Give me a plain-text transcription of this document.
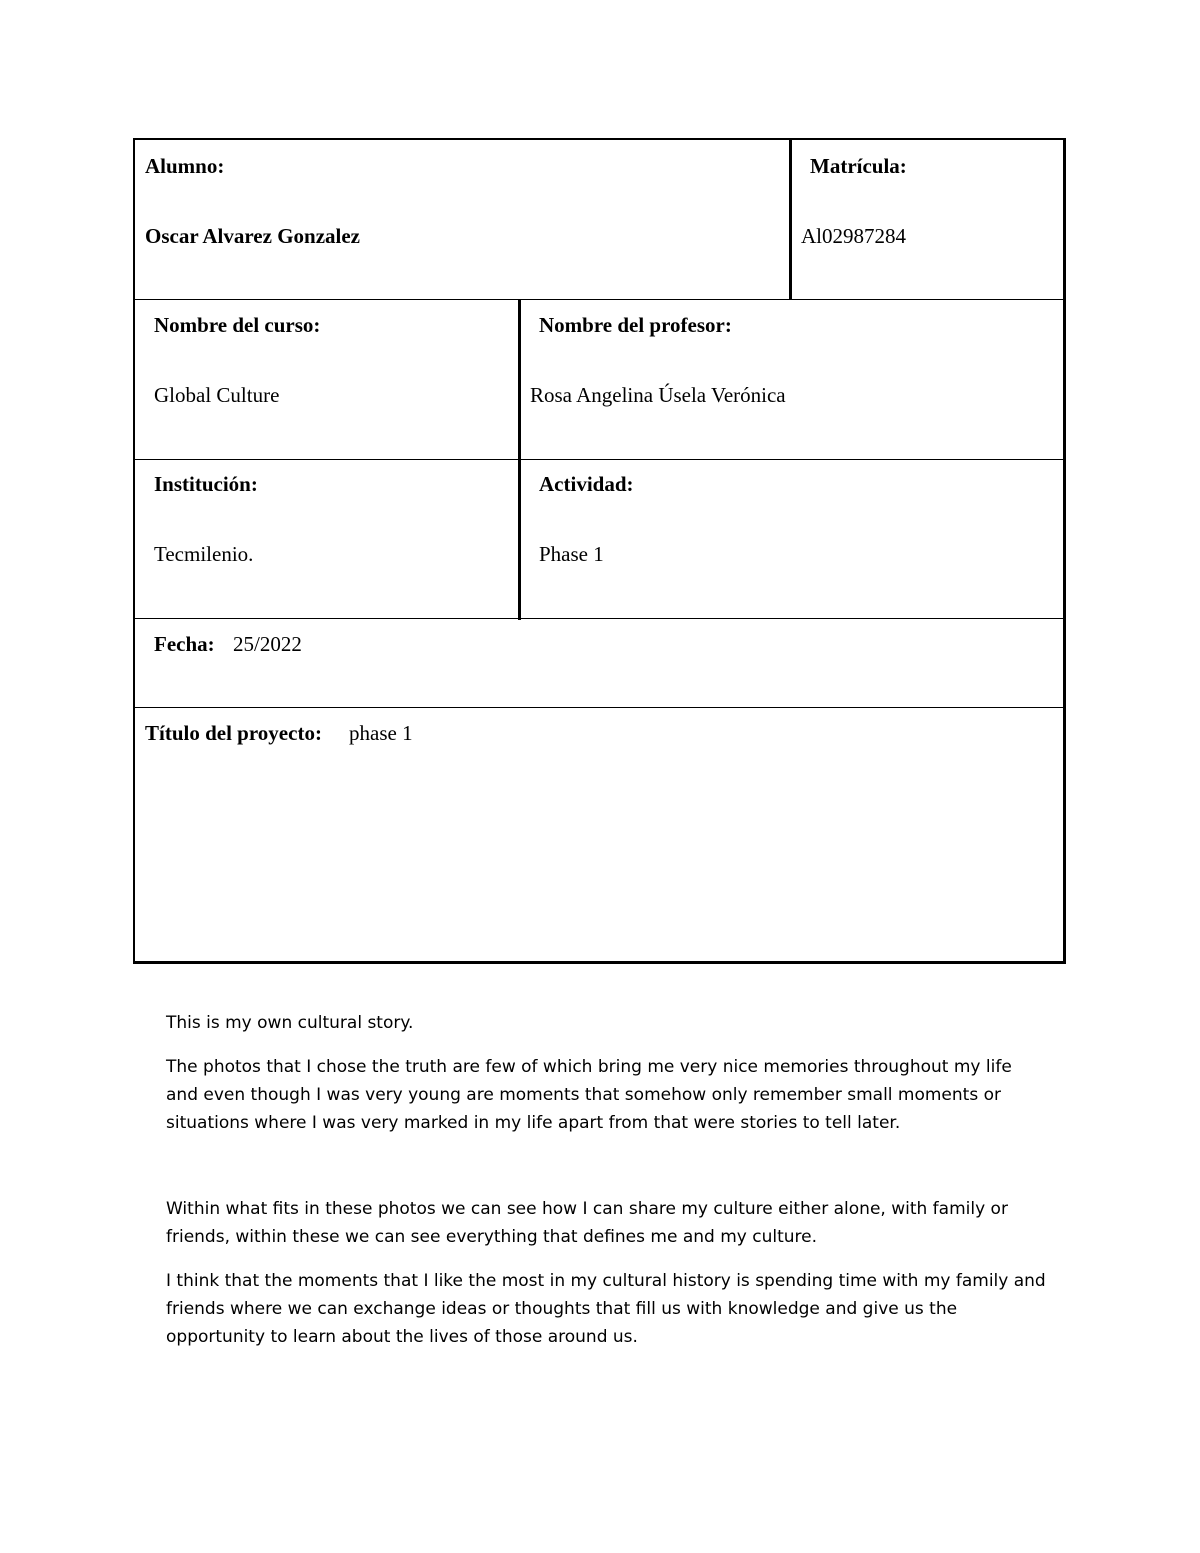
Alumno:
Oscar Alvarez Gonzalez
Matrícula:
Al02987284
Nombre del curso:
Global Culture
Nombre del profesor:
Rosa Angelina Úsela Verónica
Institución:
Tecmilenio.
Actividad:
Phase 1
Fecha: 25/2022
Título del proyecto: phase 1

This is my own cultural story.

The photos that I chose the truth are few of which bring me very nice memories throughout my life and even though I was very young are moments that somehow only remember small moments or situations where I was very marked in my life apart from that were stories to tell later.

Within what fits in these photos we can see how I can share my culture either alone, with family or friends, within these we can see everything that defines me and my culture.

I think that the moments that I like the most in my cultural history is spending time with my family and friends where we can exchange ideas or thoughts that fill us with knowledge and give us the opportunity to learn about the lives of those around us.
